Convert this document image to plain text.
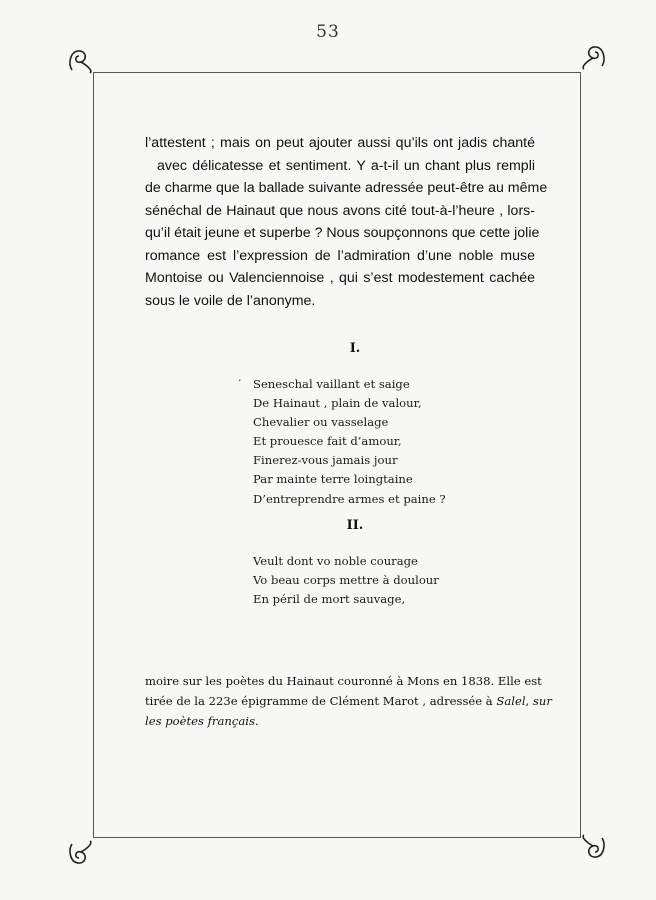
53
l’attestent ; mais on peut ajouter aussi qu’ils ont jadis chanté
avec délicatesse et sentiment. Y a-t-il un chant plus rempli
de charme que la ballade suivante adressée peut-être au même
sénéchal de Hainaut que nous avons cité tout-à-l’heure , lors-
qu’il était jeune et superbe ? Nous soupçonnons que cette jolie
romance est l’expression de l’admiration d’une noble muse
Montoise ou Valenciennoise , qui s’est modestement cachée
sous le voile de l’anonyme.
I.
· Seneschal vaillant et saige
De Hainaut , plain de valour,
Chevalier ou vasselage
Et prouesce fait d’amour,
Finerez-vous jamais jour
Par mainte terre loingtaine
D’entreprendre armes et paine ?
II.
Veult dont vo noble courage
Vo beau corps mettre à doulour
En péril de mort sauvage,
moire sur les poètes du Hainaut couronné à Mons en 1838. Elle est
tirée de la 223e épigramme de Clément Marot , adressée à Salel, sur
les poètes français.
